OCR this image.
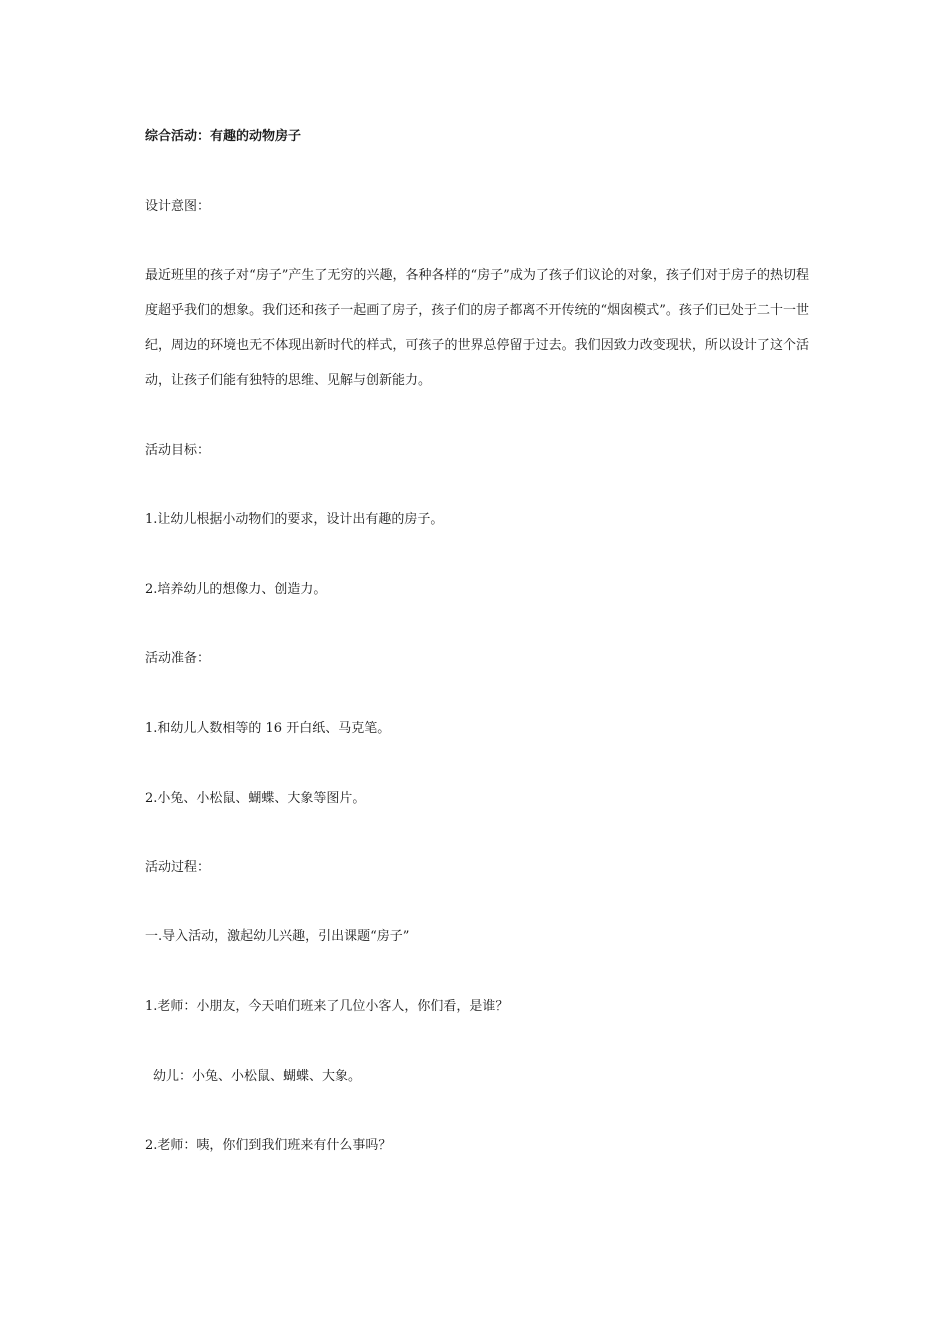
综合活动：有趣的动物房子
设计意图：
最近班里的孩子对“房子”产生了无穷的兴趣，各种各样的“房子”成为了孩子们议论的对象，孩子们对于房子的热切程度超乎我们的想象。我们还和孩子一起画了房子，孩子们的房子都离不开传统的“烟囱模式”。孩子们已处于二十一世纪，周边的环境也无不体现出新时代的样式，可孩子的世界总停留于过去。我们因致力改变现状，所以设计了这个活动，让孩子们能有独特的思维、见解与创新能力。
活动目标：
1.让幼儿根据小动物们的要求，设计出有趣的房子。
2.培养幼儿的想像力、创造力。
活动准备：
1.和幼儿人数相等的 16 开白纸、马克笔。
2.小兔、小松鼠、蝴蝶、大象等图片。
活动过程：
一.导入活动，激起幼儿兴趣，引出课题“房子”
1.老师：小朋友，今天咱们班来了几位小客人，你们看，是谁？
幼儿：小兔、小松鼠、蝴蝶、大象。
2.老师：咦，你们到我们班来有什么事吗？
